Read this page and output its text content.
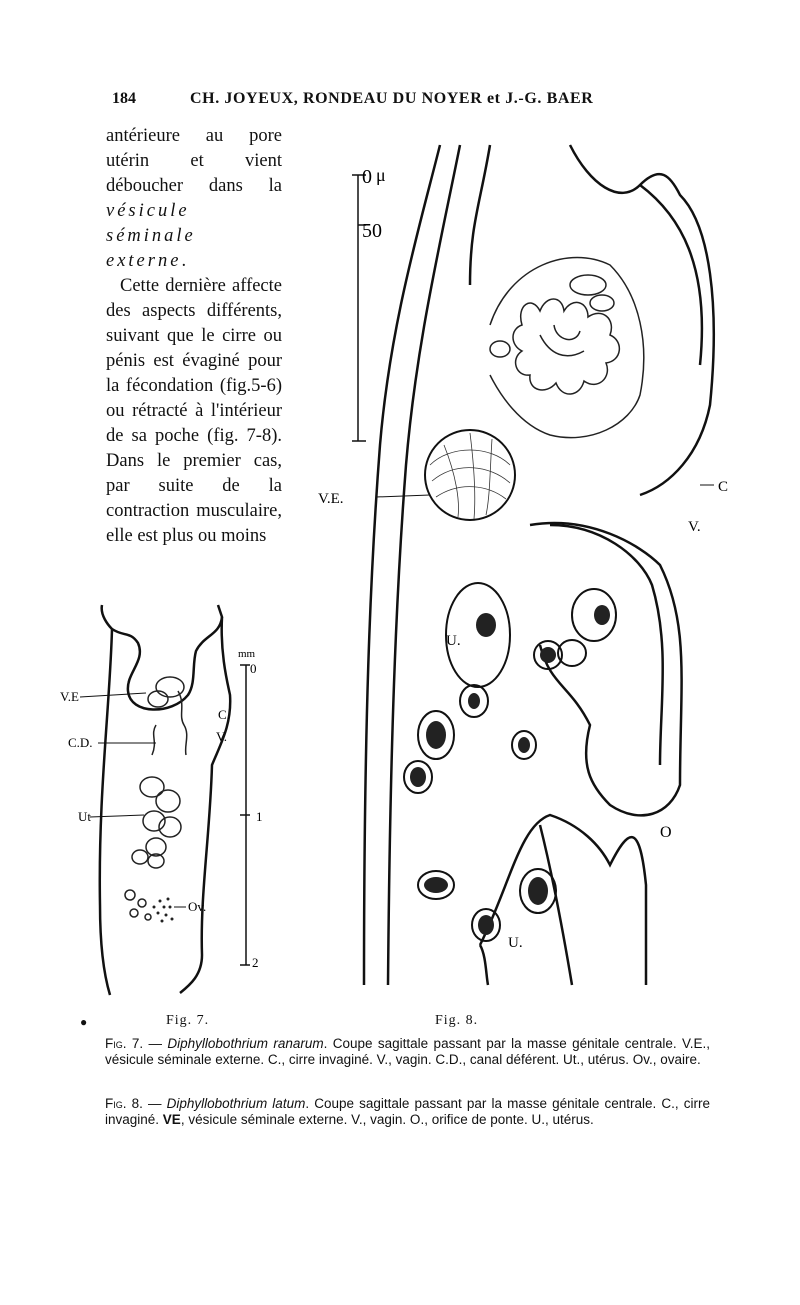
184	CH. JOYEUX, RONDEAU DU NOYER et J.-G. BAER

antérieure au pore utérin et vient déboucher dans la vésicule séminale externe.

Cette dernière affecte des aspects différents, suivant que le cirre ou pénis est évaginé pour la fécondation (fig.5-6) ou rétracté à l'intérieur de sa poche (fig. 7-8). Dans le premier cas, par suite de la contraction musculaire, elle est plus ou moins

mm
0
1
2
V.E
C.
V.
C.D.
Ut
Ov.
0 μ
50
V.E.
C
V.
U.
U.
O
●	Fig. 7.	Fig. 8.
Fig. 7. — Diphyllobothrium ranarum. Coupe sagittale passant par la masse génitale centrale. V.E., vésicule séminale externe. C., cirre invaginé. V., vagin. C.D., canal déférent. Ut., utérus. Ov., ovaire.
Fig. 8. — Diphyllobothrium latum. Coupe sagittale passant par la masse génitale centrale. C., cirre invaginé. VE, vésicule séminale externe. V., vagin. O., orifice de ponte. U., utérus.
